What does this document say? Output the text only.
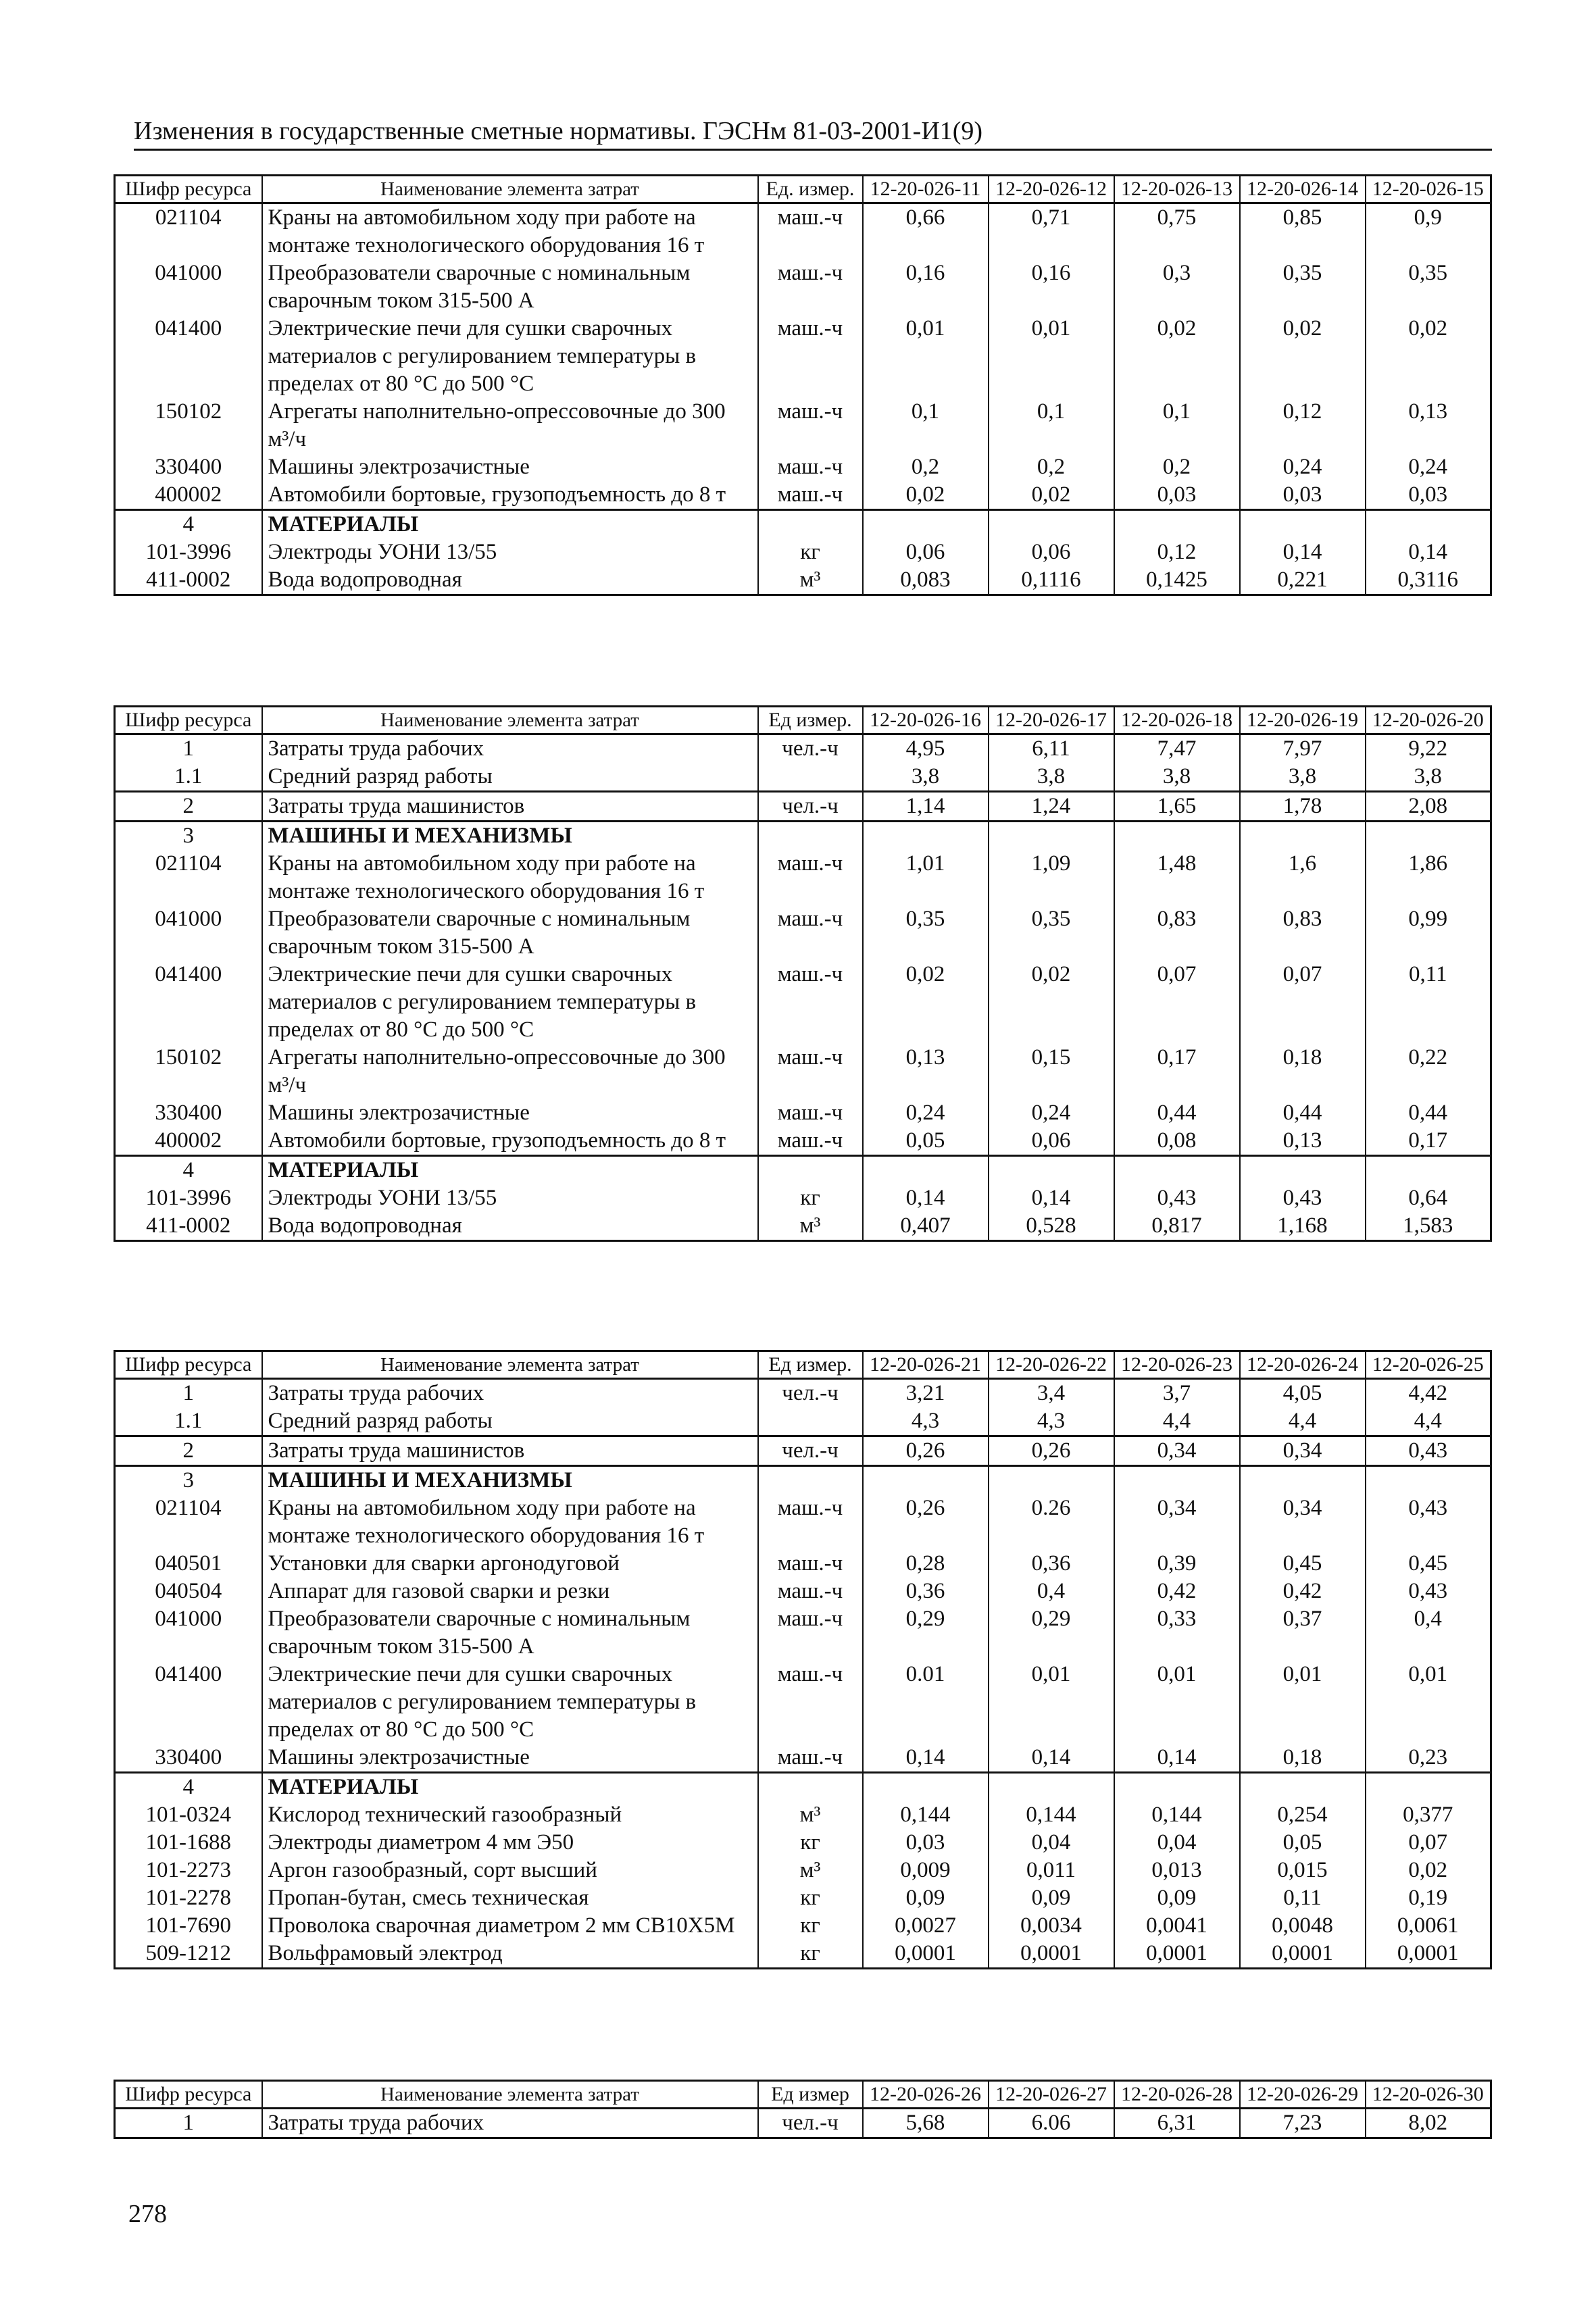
Изменения в государственные сметные нормативы. ГЭСНм 81-03-2001-И1(9)
Шифр ресурса	Наименование элемента затрат	Ед. измер.	12-20-026-11	12-20-026-12	12-20-026-13	12-20-026-14	12-20-026-15
021104	Краны на автомобильном ходу при работе на монтаже технологического оборудования 16 т	маш.-ч	0,66	0,71	0,75	0,85	0,9
041000	Преобразователи сварочные с номинальным сварочным током 315-500 А	маш.-ч	0,16	0,16	0,3	0,35	0,35
041400	Электрические печи для сушки сварочных материалов с регулированием температуры в пределах от 80 °С до 500 °С	маш.-ч	0,01	0,01	0,02	0,02	0,02
150102	Агрегаты наполнительно-опрессовочные до 300 м³/ч	маш.-ч	0,1	0,1	0,1	0,12	0,13
330400	Машины электрозачистные	маш.-ч	0,2	0,2	0,2	0,24	0,24
400002	Автомобили бортовые, грузоподъемность до 8 т	маш.-ч	0,02	0,02	0,03	0,03	0,03
4	МАТЕРИАЛЫ						
101-3996	Электроды УОНИ 13/55	кг	0,06	0,06	0,12	0,14	0,14
411-0002	Вода водопроводная	м³	0,083	0,1116	0,1425	0,221	0,3116
Шифр ресурса	Наименование элемента затрат	Ед измер.	12-20-026-16	12-20-026-17	12-20-026-18	12-20-026-19	12-20-026-20
1	Затраты труда рабочих	чел.-ч	4,95	6,11	7,47	7,97	9,22
1.1	Средний разряд работы		3,8	3,8	3,8	3,8	3,8
2	Затраты труда машинистов	чел.-ч	1,14	1,24	1,65	1,78	2,08
3	МАШИНЫ И МЕХАНИЗМЫ						
021104	Краны на автомобильном ходу при работе на монтаже технологического оборудования 16 т	маш.-ч	1,01	1,09	1,48	1,6	1,86
041000	Преобразователи сварочные с номинальным сварочным током 315-500 А	маш.-ч	0,35	0,35	0,83	0,83	0,99
041400	Электрические печи для сушки сварочных материалов с регулированием температуры в пределах от 80 °С до 500 °С	маш.-ч	0,02	0,02	0,07	0,07	0,11
150102	Агрегаты наполнительно-опрессовочные до 300 м³/ч	маш.-ч	0,13	0,15	0,17	0,18	0,22
330400	Машины электрозачистные	маш.-ч	0,24	0,24	0,44	0,44	0,44
400002	Автомобили бортовые, грузоподъемность до 8 т	маш.-ч	0,05	0,06	0,08	0,13	0,17
4	МАТЕРИАЛЫ						
101-3996	Электроды УОНИ 13/55	кг	0,14	0,14	0,43	0,43	0,64
411-0002	Вода водопроводная	м³	0,407	0,528	0,817	1,168	1,583
Шифр ресурса	Наименование элемента затрат	Ед измер.	12-20-026-21	12-20-026-22	12-20-026-23	12-20-026-24	12-20-026-25
1	Затраты труда рабочих	чел.-ч	3,21	3,4	3,7	4,05	4,42
1.1	Средний разряд работы		4,3	4,3	4,4	4,4	4,4
2	Затраты труда машинистов	чел.-ч	0,26	0,26	0,34	0,34	0,43
3	МАШИНЫ И МЕХАНИЗМЫ						
021104	Краны на автомобильном ходу при работе на монтаже технологического оборудования 16 т	маш.-ч	0,26	0.26	0,34	0,34	0,43
040501	Установки для сварки аргонодуговой	маш.-ч	0,28	0,36	0,39	0,45	0,45
040504	Аппарат для газовой сварки и резки	маш.-ч	0,36	0,4	0,42	0,42	0,43
041000	Преобразователи сварочные с номинальным сварочным током 315-500 А	маш.-ч	0,29	0,29	0,33	0,37	0,4
041400	Электрические печи для сушки сварочных материалов с регулированием температуры в пределах от 80 °С до 500 °С	маш.-ч	0.01	0,01	0,01	0,01	0,01
330400	Машины электрозачистные	маш.-ч	0,14	0,14	0,14	0,18	0,23
4	МАТЕРИАЛЫ						
101-0324	Кислород технический газообразный	м³	0,144	0,144	0,144	0,254	0,377
101-1688	Электроды диаметром 4 мм Э50	кг	0,03	0,04	0,04	0,05	0,07
101-2273	Аргон газообразный, сорт высший	м³	0,009	0,011	0,013	0,015	0,02
101-2278	Пропан-бутан, смесь техническая	кг	0,09	0,09	0,09	0,11	0,19
101-7690	Проволока сварочная диаметром 2 мм СВ10Х5М	кг	0,0027	0,0034	0,0041	0,0048	0,0061
509-1212	Вольфрамовый электрод	кг	0,0001	0,0001	0,0001	0,0001	0,0001
Шифр ресурса	Наименование элемента затрат	Ед измер	12-20-026-26	12-20-026-27	12-20-026-28	12-20-026-29	12-20-026-30
1	Затраты труда рабочих	чел.-ч	5,68	6.06	6,31	7,23	8,02
278
